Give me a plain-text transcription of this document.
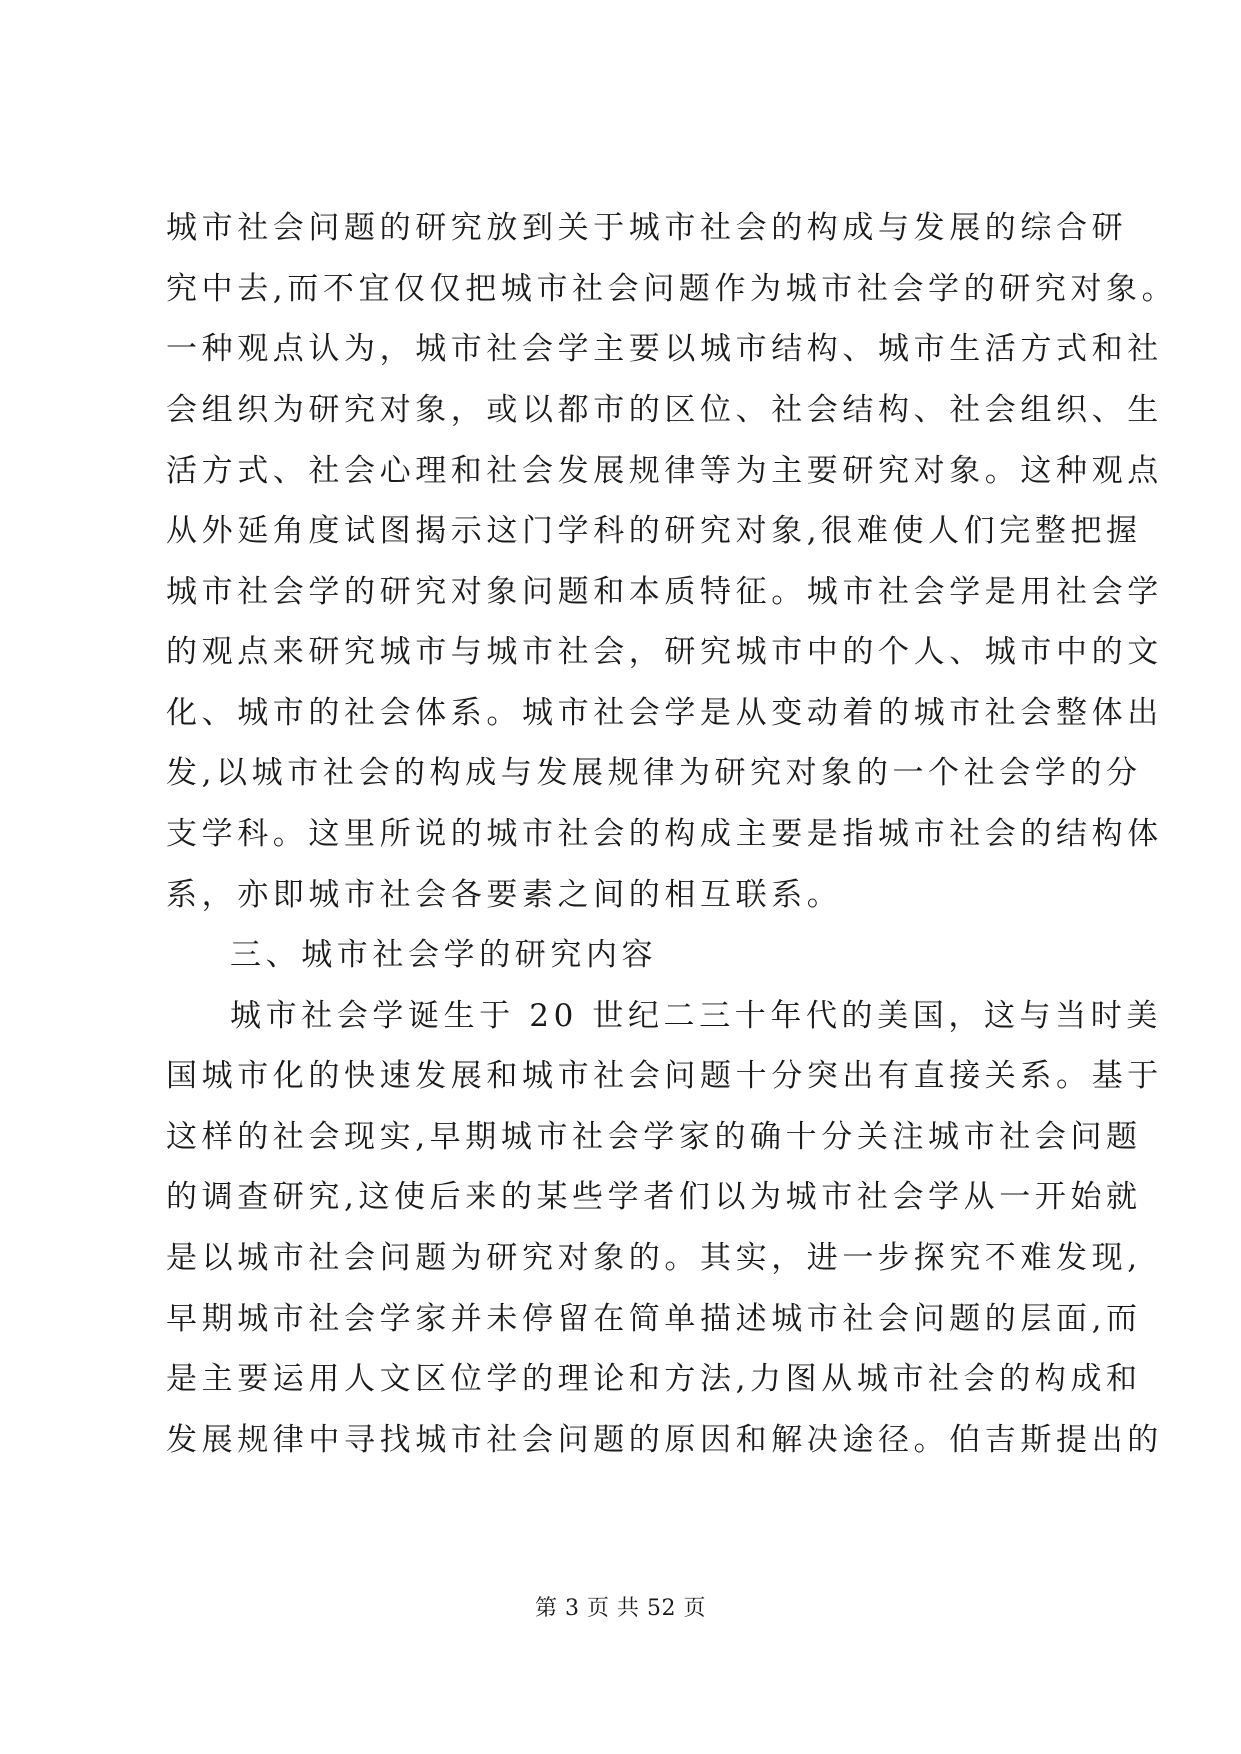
城市社会问题的研究放到关于城市社会的构成与发展的综合研

究中去,而不宜仅仅把城市社会问题作为城市社会学的研究对象。

一种观点认为，城市社会学主要以城市结构、城市生活方式和社

会组织为研究对象，或以都市的区位、社会结构、社会组织、生

活方式、社会心理和社会发展规律等为主要研究对象。这种观点

从外延角度试图揭示这门学科的研究对象,很难使人们完整把握

城市社会学的研究对象问题和本质特征。城市社会学是用社会学

的观点来研究城市与城市社会，研究城市中的个人、城市中的文

化、城市的社会体系。城市社会学是从变动着的城市社会整体出

发,以城市社会的构成与发展规律为研究对象的一个社会学的分

支学科。这里所说的城市社会的构成主要是指城市社会的结构体

系，亦即城市社会各要素之间的相互联系。

三、城市社会学的研究内容

城市社会学诞生于 20 世纪二三十年代的美国，这与当时美

国城市化的快速发展和城市社会问题十分突出有直接关系。基于

这样的社会现实,早期城市社会学家的确十分关注城市社会问题

的调查研究,这使后来的某些学者们以为城市社会学从一开始就

是以城市社会问题为研究对象的。其实，进一步探究不难发现,

早期城市社会学家并未停留在简单描述城市社会问题的层面,而

是主要运用人文区位学的理论和方法,力图从城市社会的构成和

发展规律中寻找城市社会问题的原因和解决途径。伯吉斯提出的

第 3 页 共 52 页
